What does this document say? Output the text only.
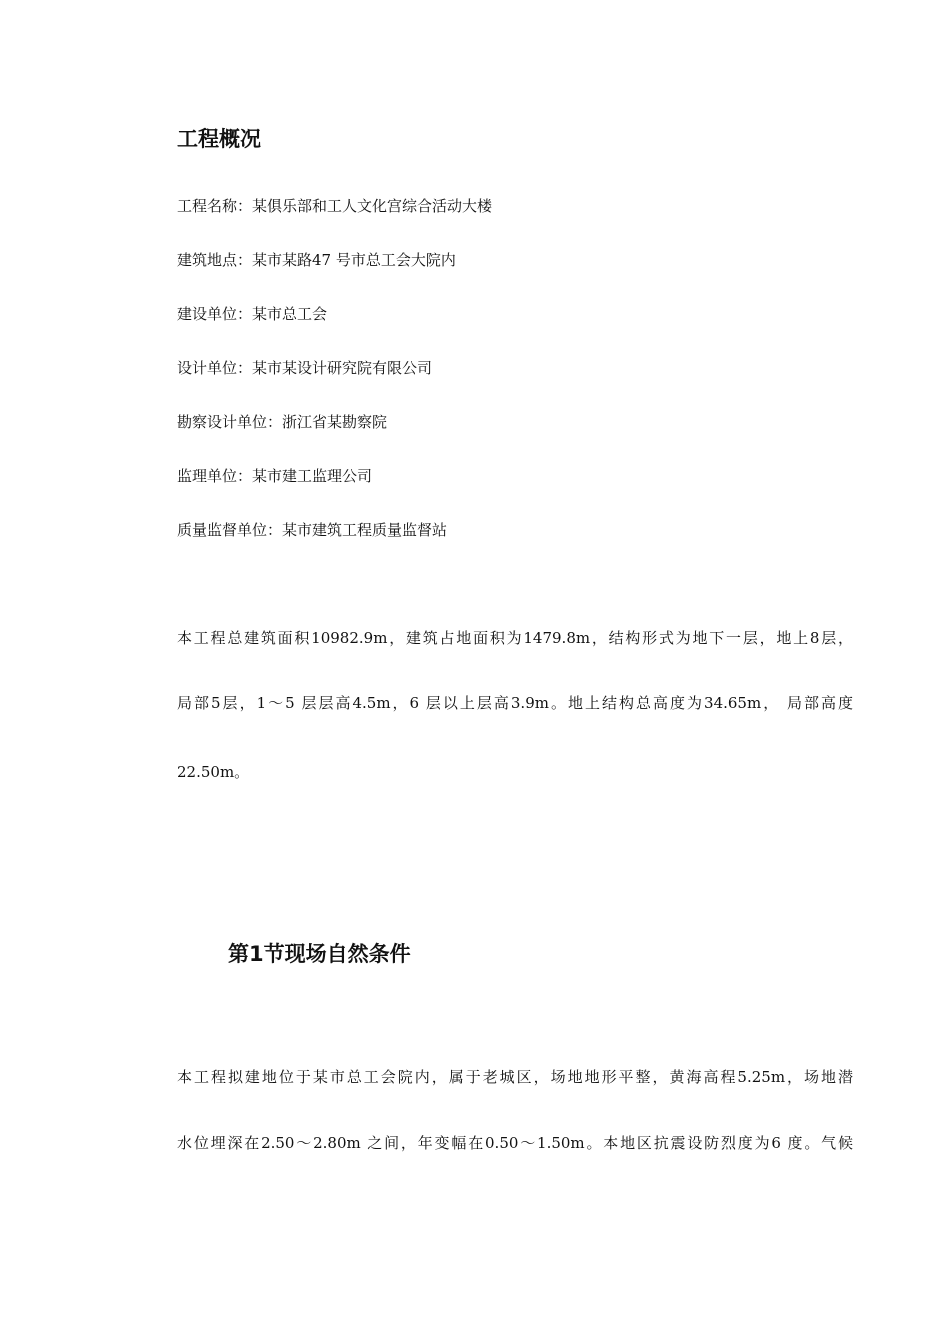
工程概况
工程名称：某俱乐部和工人文化宫综合活动大楼
建筑地点：某市某路47 号市总工会大院内
建设单位：某市总工会
设计单位：某市某设计研究院有限公司
勘察设计单位：浙江省某勘察院
监理单位：某市建工监理公司
质量监督单位：某市建筑工程质量监督站
本工程总建筑面积10982.9m，建筑占地面积为1479.8m，结构形式为地下一层，地上8层，
局部5层，1～5 层层高4.5m，6 层以上层高3.9m。地上结构总高度为34.65m， 局部高度
22.50m。
第1节现场自然条件
本工程拟建地位于某市总工会院内，属于老城区，场地地形平整，黄海高程5.25m，场地潜
水位埋深在2.50～2.80m 之间，年变幅在0.50～1.50m。本地区抗震设防烈度为6 度。气候
